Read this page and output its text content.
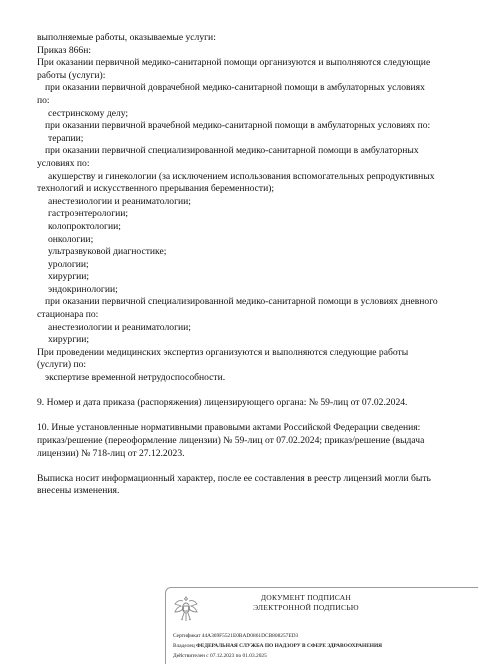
выполняемые работы, оказываемые услуги:
Приказ 866н:
При оказании первичной медико-санитарной помощи организуются и выполняются следующие
работы (услуги):
при оказании первичной доврачебной медико-санитарной помощи в амбулаторных условиях
по:
сестринскому делу;
при оказании первичной врачебной медико-санитарной помощи в амбулаторных условиях по:
терапии;
при оказании первичной специализированной медико-санитарной помощи в амбулаторных
условиях по:
акушерству и гинекологии (за исключением использования вспомогательных репродуктивных
технологий и искусственного прерывания беременности);
анестезиологии и реаниматологии;
гастроэнтерологии;
колопроктологии;
онкологии;
ультразвуковой диагностике;
урологии;
хирургии;
эндокринологии;
при оказании первичной специализированной медико-санитарной помощи в условиях дневного
стационара по:
анестезиологии и реаниматологии;
хирургии;
При проведении медицинских экспертиз организуются и выполняются следующие работы
(услуги) по:
экспертизе временной нетрудоспособности.
9. Номер и дата приказа (распоряжения) лицензирующего органа: № 59-лиц от 07.02.2024.
10. Иные установленные нормативными правовыми актами Российской Федерации сведения:
приказ/решение (переоформление лицензии) № 59-лиц от 07.02.2024; приказ/решение (выдача
лицензии) № 718-лиц от 27.12.2023.
Выписка носит информационный характер, после ее составления в реестр лицензий могли быть
внесены изменения.
ДОКУМЕНТ ПОДПИСАН
ЭЛЕКТРОННОЙ ПОДПИСЬЮ
Сертификат 44A369F5521E0BAD0861DCB808257ED3
Владелец ФЕДЕРАЛЬНАЯ СЛУЖБА ПО НАДЗОРУ В СФЕРЕ ЗДРАВООХРАНЕНИЯ
Действителен с 07.12.2023 по 01.03.2025
